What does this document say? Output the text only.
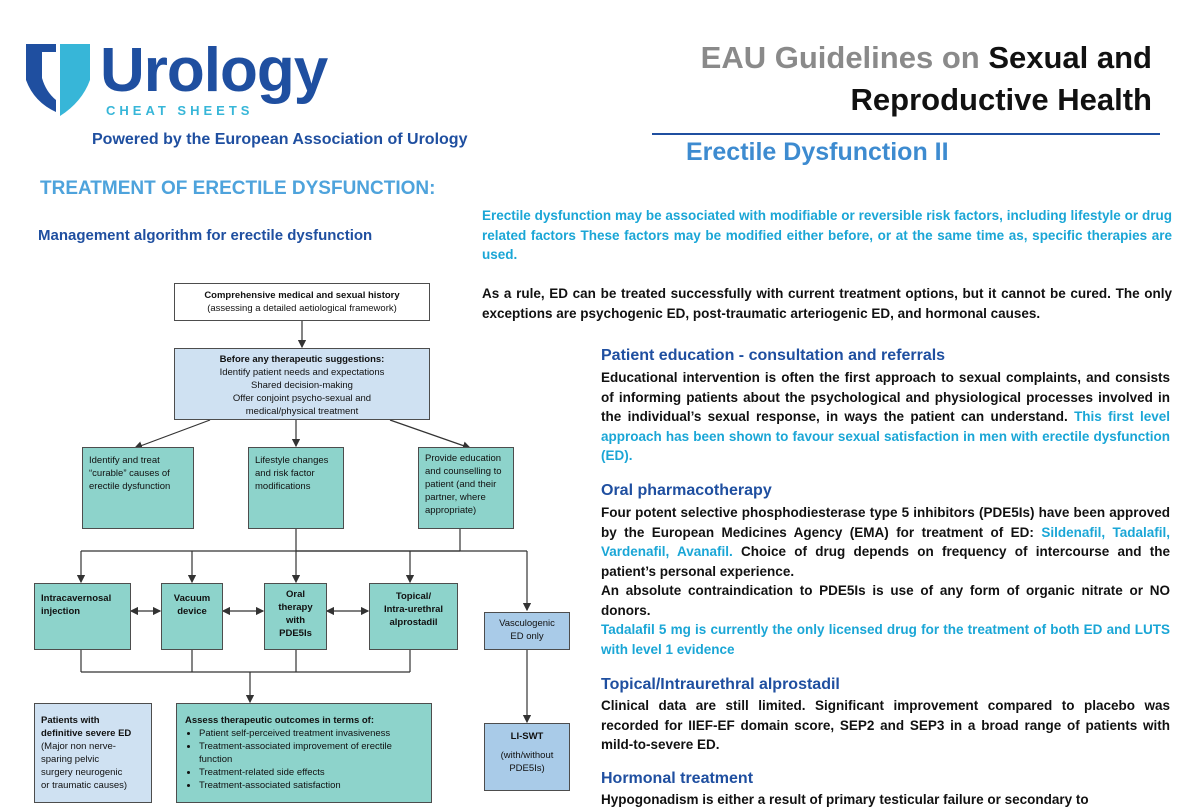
Urology
CHEAT SHEETS
Powered by the European Association of Urology
EAU Guidelines on Sexual and
Reproductive Health
Erectile Dysfunction II
TREATMENT OF ERECTILE DYSFUNCTION:
Management algorithm for erectile dysfunction
Comprehensive medical and sexual history
(assessing a detailed aetiological framework)
Before any therapeutic suggestions:
Identify patient needs and expectations
Shared decision-making
Offer conjoint psycho-sexual and
medical/physical treatment
Identify and treat
“curable” causes of
erectile dysfunction
Lifestyle changes
and risk factor
modifications
Provide education
and counselling to
patient (and their
partner, where
appropriate)
Intracavernosal
injection
Vacuum
device
Oral
therapy
with
PDE5Is
Topical/
Intra-urethral
alprostadil	Vasculogenic
ED only
Patients with
definitive severe ED
(Major non nerve-
sparing pelvic
surgery neurogenic
or traumatic causes)
Assess therapeutic outcomes in terms of:
• Patient self-perceived treatment invasiveness
• Treatment-associated improvement of erectile function
• Treatment-related side effects
• Treatment-associated satisfaction
LI-SWT
(with/without
PDE5Is)
Erectile dysfunction may be associated with modifiable or reversible risk factors, including lifestyle or drug related factors These factors may be modified either before, or at the same time as, specific therapies are used.
As a rule, ED can be treated successfully with current treatment options, but it cannot be cured. The only exceptions are psychogenic ED, post-traumatic arteriogenic ED, and hormonal causes.
Patient education - consultation and referrals
Educational intervention is often the first approach to sexual complaints, and consists of informing patients about the psychological and physiological processes involved in the individual’s sexual response, in ways the patient can understand. This first level approach has been shown to favour sexual satisfaction in men with erectile dysfunction (ED).
Oral pharmacotherapy
Four potent selective phosphodiesterase type 5 inhibitors (PDE5Is) have been approved by the European Medicines Agency (EMA) for treatment of ED: Sildenafil, Tadalafil, Vardenafil, Avanafil. Choice of drug depends on frequency of intercourse and the patient’s personal experience.
An absolute contraindication to PDE5Is is use of any form of organic nitrate or NO donors.
Tadalafil 5 mg is currently the only licensed drug for the treatment of both ED and LUTS with level 1 evidence
Topical/Intraurethral alprostadil
Clinical data are still limited. Significant improvement compared to placebo was recorded for IIEF-EF domain score, SEP2 and SEP3 in a broad range of patients with mild-to-severe ED.
Hormonal treatment
Hypogonadism is either a result of primary testicular failure or secondary to
